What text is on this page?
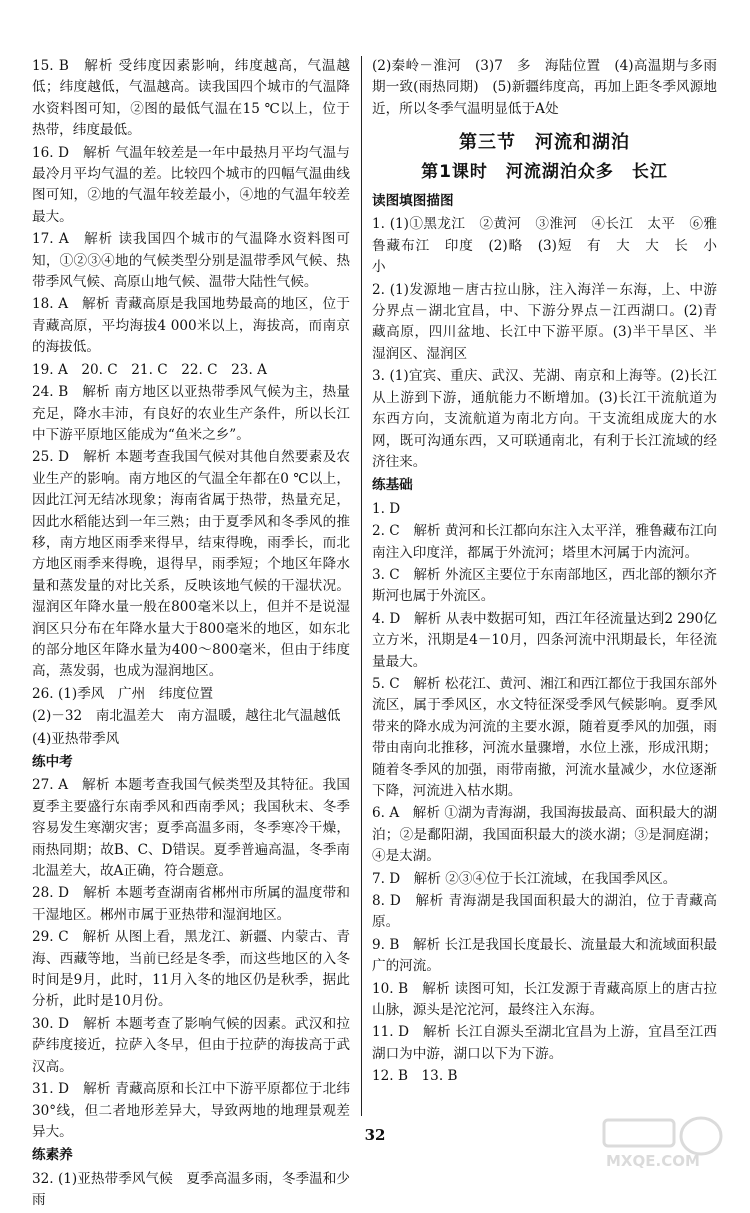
15. B　解析 受纬度因素影响，纬度越高，气温越低；纬度越低，气温越高。读我国四个城市的气温降水资料图可知，②图的最低气温在15 ℃以上，位于热带，纬度最低。
16. D　解析 气温年较差是一年中最热月平均气温与最冷月平均气温的差。比较四个城市的四幅气温曲线图可知，②地的气温年较差最小，④地的气温年较差最大。
17. A　解析 读我国四个城市的气温降水资料图可知，①②③④地的气候类型分别是温带季风气候、热带季风气候、高原山地气候、温带大陆性气候。
18. A　解析 青藏高原是我国地势最高的地区，位于青藏高原，平均海拔4 000米以上，海拔高，而南京的海拔低。
19. A　20. C　21. C　22. C　23. A
24. B　解析 南方地区以亚热带季风气候为主，热量充足，降水丰沛，有良好的农业生产条件，所以长江中下游平原地区能成为“鱼米之乡”。
25. D　解析 本题考查我国气候对其他自然要素及农业生产的影响。南方地区的气温全年都在0 ℃以上，因此江河无结冰现象；海南省属于热带，热量充足，因此水稻能达到一年三熟；由于夏季风和冬季风的推移，南方地区雨季来得早，结束得晚，雨季长，而北方地区雨季来得晚，退得早，雨季短；个地区年降水量和蒸发量的对比关系，反映该地气候的干湿状况。湿润区年降水量一般在800毫米以上，但并不是说湿润区只分布在年降水量大于800毫米的地区，如东北的部分地区年降水量为400～800毫米，但由于纬度高，蒸发弱，也成为湿润地区。
26. (1)季风　广州　纬度位置
(2)－32　南北温差大　南方温暖，越往北气温越低
(4)亚热带季风
练中考
27. A　解析 本题考查我国气候类型及其特征。我国夏季主要盛行东南季风和西南季风；我国秋末、冬季容易发生寒潮灾害；夏季高温多雨，冬季寒冷干燥，雨热同期；故B、C、D错误。夏季普遍高温，冬季南北温差大，故A正确，符合题意。
28. D　解析 本题考查湖南省郴州市所属的温度带和干湿地区。郴州市属于亚热带和湿润地区。
29. C　解析 从图上看，黑龙江、新疆、内蒙古、青海、西藏等地，当前已经是冬季，而这些地区的入冬时间是9月，此时，11月入冬的地区仍是秋季，据此分析，此时是10月份。
30. D　解析 本题考查了影响气候的因素。武汉和拉萨纬度接近，拉萨入冬早，但由于拉萨的海拔高于武汉高。
31. D　解析 青藏高原和长江中下游平原都位于北纬30°线，但二者地形差异大，导致两地的地理景观差异大。
练素养
32. (1)亚热带季风气候　夏季高温多雨，冬季温和少雨
(2)秦岭－淮河　(3)7　多　海陆位置　(4)高温期与多雨期一致(雨热同期)　(5)新疆纬度高，再加上距冬季风源地近，所以冬季气温明显低于A处
第三节　河流和湖泊
第1课时　河流湖泊众多　长江
读图填图描图
1. (1)①黑龙江　②黄河　③淮河　④长江　太平　⑥雅鲁藏布江　印度　(2)略　(3)短　有　大　大　长　小　小
2. (1)发源地－唐古拉山脉，注入海洋－东海，上、中游分界点－湖北宜昌，中、下游分界点－江西湖口。(2)青藏高原，四川盆地、长江中下游平原。(3)半干旱区、半湿润区、湿润区
3. (1)宜宾、重庆、武汉、芜湖、南京和上海等。(2)长江从上游到下游，通航能力不断增加。(3)长江干流航道为东西方向，支流航道为南北方向。干支流组成庞大的水网，既可沟通东西，又可联通南北，有利于长江流域的经济往来。
练基础
1. D
2. C　解析 黄河和长江都向东注入太平洋，雅鲁藏布江向南注入印度洋，都属于外流河；塔里木河属于内流河。
3. C　解析 外流区主要位于东南部地区，西北部的额尔齐斯河也属于外流区。
4. D　解析 从表中数据可知，西江年径流量达到2 290亿立方米，汛期是4－10月，四条河流中汛期最长，年径流量最大。
5. C　解析 松花江、黄河、湘江和西江都位于我国东部外流区，属于季风区，水文特征深受季风气候影响。夏季风带来的降水成为河流的主要水源，随着夏季风的加强，雨带由南向北推移，河流水量骤增，水位上涨，形成汛期；随着冬季风的加强，雨带南撤，河流水量减少，水位逐渐下降，河流进入枯水期。
6. A　解析 ①湖为青海湖，我国海拔最高、面积最大的湖泊；②是鄱阳湖，我国面积最大的淡水湖；③是洞庭湖；④是太湖。
7. D　解析 ②③④位于长江流域，在我国季风区。
8. D　解析 青海湖是我国面积最大的湖泊，位于青藏高原。
9. B　解析 长江是我国长度最长、流量最大和流域面积最广的河流。
10. B　解析 读图可知，长江发源于青藏高原上的唐古拉山脉，源头是沱沱河，最终注入东海。
11. D　解析 长江自源头至湖北宜昌为上游，宜昌至江西湖口为中游，湖口以下为下游。
12. B　13. B
32
MXQE.COM
